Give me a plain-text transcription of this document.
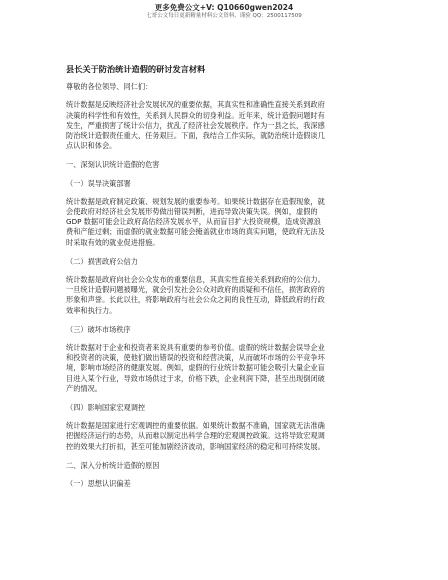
更多免费公文+V: Q10660gwen2024
七哥公文每日更新精量材料公文资料、谨验 QQ：2500117509
县长关于防治统计造假的研讨发言材料
尊敬的各位领导、同仁们：
统计数据是反映经济社会发展状况的重要依据，其真实性和准确性直接关系到政府
决策的科学性和有效性，关系到人民群众的切身利益。近年来，统计造假问题时有
发生，严重损害了统计公信力，扰乱了经济社会发展秩序。作为一县之长，我深感
防治统计造假责任重大、任务艰巨。下面，我结合工作实际，就防治统计造假谈几
点认识和体会。
一、深刻认识统计造假的危害
（一）误导决策部署
统计数据是政府制定政策、规划发展的重要参考。如果统计数据存在造假现象，就
会使政府对经济社会发展形势做出错误判断，进而导致决策失误。例如，虚假的
GDP 数据可能会让政府高估经济发展水平，从而盲目扩大投资规模，造成资源浪
费和产能过剩；而虚假的就业数据可能会掩盖就业市场的真实问题，使政府无法及
时采取有效的就业促进措施。
（二）损害政府公信力
统计数据是政府向社会公众发布的重要信息，其真实性直接关系到政府的公信力。
一旦统计造假问题被曝光，就会引发社会公众对政府的质疑和不信任，损害政府的
形象和声誉。长此以往，将影响政府与社会公众之间的良性互动，降低政府的行政
效率和执行力。
（三）破坏市场秩序
统计数据对于企业和投资者来说具有重要的参考价值。虚假的统计数据会误导企业
和投资者的决策，使他们做出错误的投资和经营决策，从而破坏市场的公平竞争环
境，影响市场经济的健康发展。例如，虚假的行业统计数据可能会吸引大量企业盲
目进入某个行业，导致市场供过于求，价格下跌，企业利润下降，甚至出现倒闭破
产的情况。
（四）影响国家宏观调控
统计数据是国家进行宏观调控的重要依据。如果统计数据不准确，国家就无法准确
把握经济运行的态势，从而难以制定出科学合理的宏观调控政策。这将导致宏观调
控的效果大打折扣，甚至可能加剧经济波动，影响国家经济的稳定和可持续发展。
二、深入分析统计造假的原因
（一）思想认识偏差
